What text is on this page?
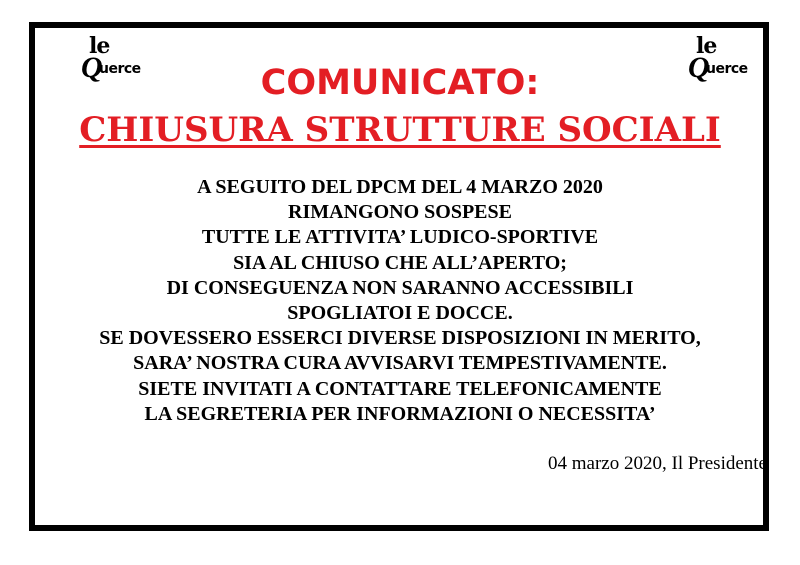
le
Q
uerce
le
Q
uerce
COMUNICATO:
CHIUSURA STRUTTURE SOCIALI
A SEGUITO DEL DPCM DEL 4 MARZO 2020
RIMANGONO SOSPESE
TUTTE LE ATTIVITA’ LUDICO-SPORTIVE
SIA AL CHIUSO CHE ALL’APERTO;
DI CONSEGUENZA NON SARANNO ACCESSIBILI
SPOGLIATOI E DOCCE.
SE DOVESSERO ESSERCI DIVERSE DISPOSIZIONI IN MERITO,
SARA’ NOSTRA CURA AVVISARVI TEMPESTIVAMENTE.
SIETE INVITATI A CONTATTARE TELEFONICAMENTE
LA SEGRETERIA PER INFORMAZIONI O NECESSITA’
04 marzo 2020, Il Presidente
